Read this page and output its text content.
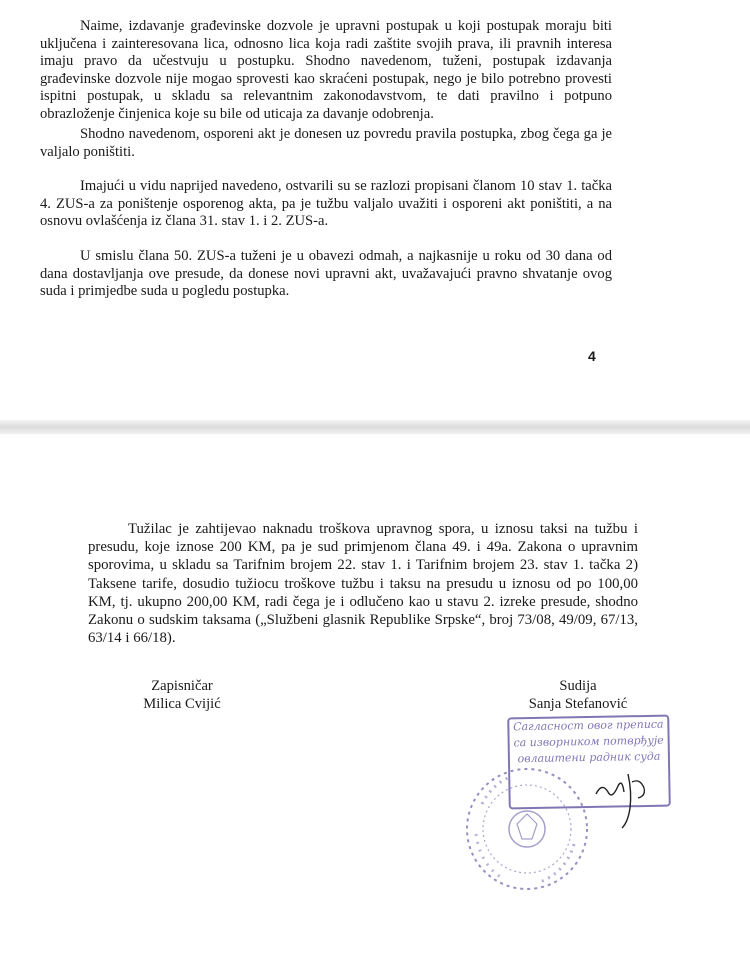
Naime, izdavanje građevinske dozvole je upravni postupak u koji postupak moraju biti uključena i zainteresovana lica, odnosno lica koja radi zaštite svojih prava, ili pravnih interesa imaju pravo da učestvuju u postupku. Shodno navedenom, tuženi, postupak izdavanja građevinske dozvole nije mogao sprovesti kao skraćeni postupak, nego je bilo potrebno provesti ispitni postupak, u skladu sa relevantnim zakonodavstvom, te dati pravilno i potpuno obrazloženje činjenica koje su bile od uticaja za davanje odobrenja.

Shodno navedenom, osporeni akt je donesen uz povredu pravila postupka, zbog čega ga je valjalo poništiti.

Imajući u vidu naprijed navedeno, ostvarili su se razlozi propisani članom 10 stav 1. tačka 4. ZUS-a za poništenje osporenog akta, pa je tužbu valjalo uvažiti i osporeni akt poništiti, a na osnovu ovlašćenja iz člana 31. stav 1. i 2. ZUS-a.

U smislu člana 50. ZUS-a tuženi je u obavezi odmah, a najkasnije u roku od 30 dana od dana dostavljanja ove presude, da donese novi upravni akt, uvažavajući pravno shvatanje ovog suda i primjedbe suda u pogledu postupka.

4

Tužilac je zahtijevao naknadu troškova upravnog spora, u iznosu taksi na tužbu i presudu, koje iznose 200 KM, pa je sud primjenom člana 49. i 49a. Zakona o upravnim sporovima, u skladu sa Tarifnim brojem 22. stav 1. i Tarifnim brojem 23. stav 1. tačka 2) Taksene tarife, dosudio tužiocu troškove tužbu i taksu na presudu u iznosu od po 100,00 KM, tj. ukupno 200,00 KM, radi čega je i odlučeno kao u stavu 2. izreke presude, shodno Zakonu o sudskim taksama („Službeni glasnik Republike Srpske“, broj 73/08, 49/09, 67/13, 63/14 i 66/18).

Zapisničar
Milica Cvijić
Sudija
Sanja Stefanović
Сагласност овог преписа
са изворником потврђује
овлаштени радник суда
